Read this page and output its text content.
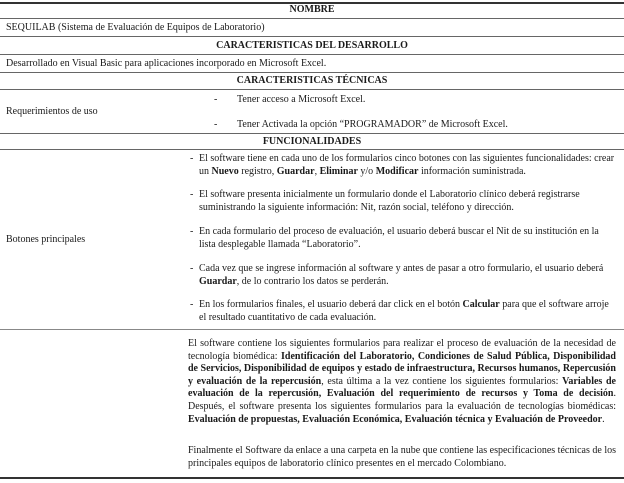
NOMBRE
SEQUILAB (Sistema de Evaluación de Equipos de Laboratorio)
CARACTERISTICAS DEL DESARROLLO
Desarrollado en Visual Basic para aplicaciones incorporado en Microsoft Excel.
CARACTERISTICAS TÉCNICAS
Requerimientos de uso
- Tener acceso a Microsoft Excel.
- Tener Activada la opción “PROGRAMADOR” de Microsoft Excel.
FUNCIONALIDADES
Botones principales
- El software tiene en cada uno de los formularios cinco botones con las siguientes funcionalidades: crear un Nuevo registro, Guardar, Eliminar y/o Modificar información suministrada.
- El software presenta inicialmente un formulario donde el Laboratorio clínico deberá registrarse suministrando la siguiente información: Nit, razón social, teléfono y dirección.
- En cada formulario del proceso de evaluación, el usuario deberá buscar el Nit de su institución en la lista desplegable llamada “Laboratorio”.
- Cada vez que se ingrese información al software y antes de pasar a otro formulario, el usuario deberá Guardar, de lo contrario los datos se perderán.
- En los formularios finales, el usuario deberá dar click en el botón Calcular para que el software arroje el resultado cuantitativo de cada evaluación.
El software contiene los siguientes formularios para realizar el proceso de evaluación de la necesidad de tecnología biomédica: Identificación del Laboratorio, Condiciones de Salud Pública, Disponibilidad de Servicios, Disponibilidad de equipos y estado de infraestructura, Recursos humanos, Repercusión y evaluación de la repercusión, esta última a la vez contiene los siguientes formularios: Variables de evaluación de la repercusión, Evaluación del requerimiento de recursos y Toma de decisión. Después, el software presenta los siguientes formularios para la evaluación de tecnologías biomédicas: Evaluación de propuestas, Evaluación Económica, Evaluación técnica y Evaluación de Proveedor.
Finalmente el Software da enlace a una carpeta en la nube que contiene las especificaciones técnicas de los principales equipos de laboratorio clínico presentes en el mercado Colombiano.
